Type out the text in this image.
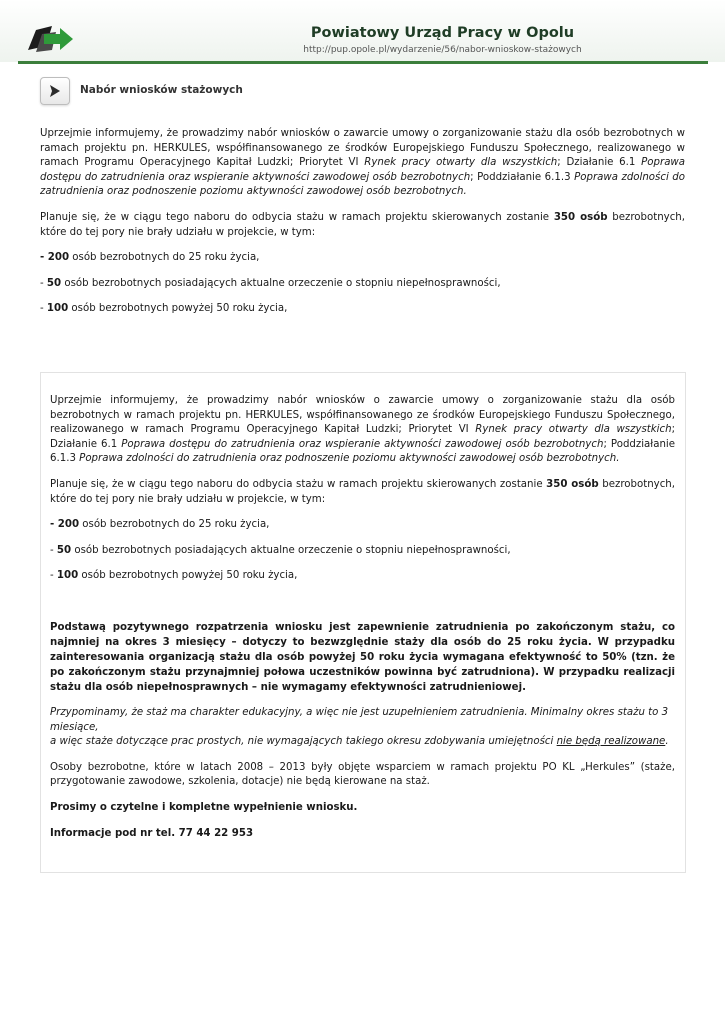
Powiatowy Urząd Pracy w Opolu
http://pup.opole.pl/wydarzenie/56/nabor-wnioskow-stażowych
Nabór wniosków stażowych

Uprzejmie informujemy, że prowadzimy nabór wniosków o zawarcie umowy o zorganizowanie stażu dla osób bezrobotnych w ramach projektu pn. HERKULES, współfinansowanego ze środków Europejskiego Funduszu Społecznego, realizowanego w ramach Programu Operacyjnego Kapitał Ludzki; Priorytet VI Rynek pracy otwarty dla wszystkich; Działanie 6.1 Poprawa dostępu do zatrudnienia oraz wspieranie aktywności zawodowej osób bezrobotnych; Poddziałanie 6.1.3 Poprawa zdolności do zatrudnienia oraz podnoszenie poziomu aktywności zawodowej osób bezrobotnych.

Planuje się, że w ciągu tego naboru do odbycia stażu w ramach projektu skierowanych zostanie 350 osób bezrobotnych, które do tej pory nie brały udziału w projekcie, w tym:

- 200 osób bezrobotnych do 25 roku życia,

- 50 osób bezrobotnych posiadających aktualne orzeczenie o stopniu niepełnosprawności,

- 100 osób bezrobotnych powyżej 50 roku życia,

Uprzejmie informujemy, że prowadzimy nabór wniosków o zawarcie umowy o zorganizowanie stażu dla osób bezrobotnych w ramach projektu pn. HERKULES, współfinansowanego ze środków Europejskiego Funduszu Społecznego, realizowanego w ramach Programu Operacyjnego Kapitał Ludzki; Priorytet VI Rynek pracy otwarty dla wszystkich; Działanie 6.1 Poprawa dostępu do zatrudnienia oraz wspieranie aktywności zawodowej osób bezrobotnych; Poddziałanie 6.1.3 Poprawa zdolności do zatrudnienia oraz podnoszenie poziomu aktywności zawodowej osób bezrobotnych.

Planuje się, że w ciągu tego naboru do odbycia stażu w ramach projektu skierowanych zostanie 350 osób bezrobotnych, które do tej pory nie brały udziału w projekcie, w tym:

- 200 osób bezrobotnych do 25 roku życia,

- 50 osób bezrobotnych posiadających aktualne orzeczenie o stopniu niepełnosprawności,

- 100 osób bezrobotnych powyżej 50 roku życia,

Podstawą pozytywnego rozpatrzenia wniosku jest zapewnienie zatrudnienia po zakończonym stażu, co najmniej na okres 3 miesięcy – dotyczy to bezwzględnie staży dla osób do 25 roku życia. W przypadku zainteresowania organizacją stażu dla osób powyżej 50 roku życia wymagana efektywność to 50% (tzn. że po zakończonym stażu przynajmniej połowa uczestników powinna być zatrudniona). W przypadku realizacji stażu dla osób niepełnosprawnych – nie wymagamy efektywności zatrudnieniowej.

Przypominamy, że staż ma charakter edukacyjny, a więc nie jest uzupełnieniem zatrudnienia. Minimalny okres stażu to 3 miesiące,
a więc staże dotyczące prac prostych, nie wymagających takiego okresu zdobywania umiejętności nie będą realizowane.

Osoby bezrobotne, które w latach 2008 – 2013 były objęte wsparciem w ramach projektu PO KL „Herkules” (staże, przygotowanie zawodowe, szkolenia, dotacje) nie będą kierowane na staż.

Prosimy o czytelne i kompletne wypełnienie wniosku.

Informacje pod nr tel. 77 44 22 953
